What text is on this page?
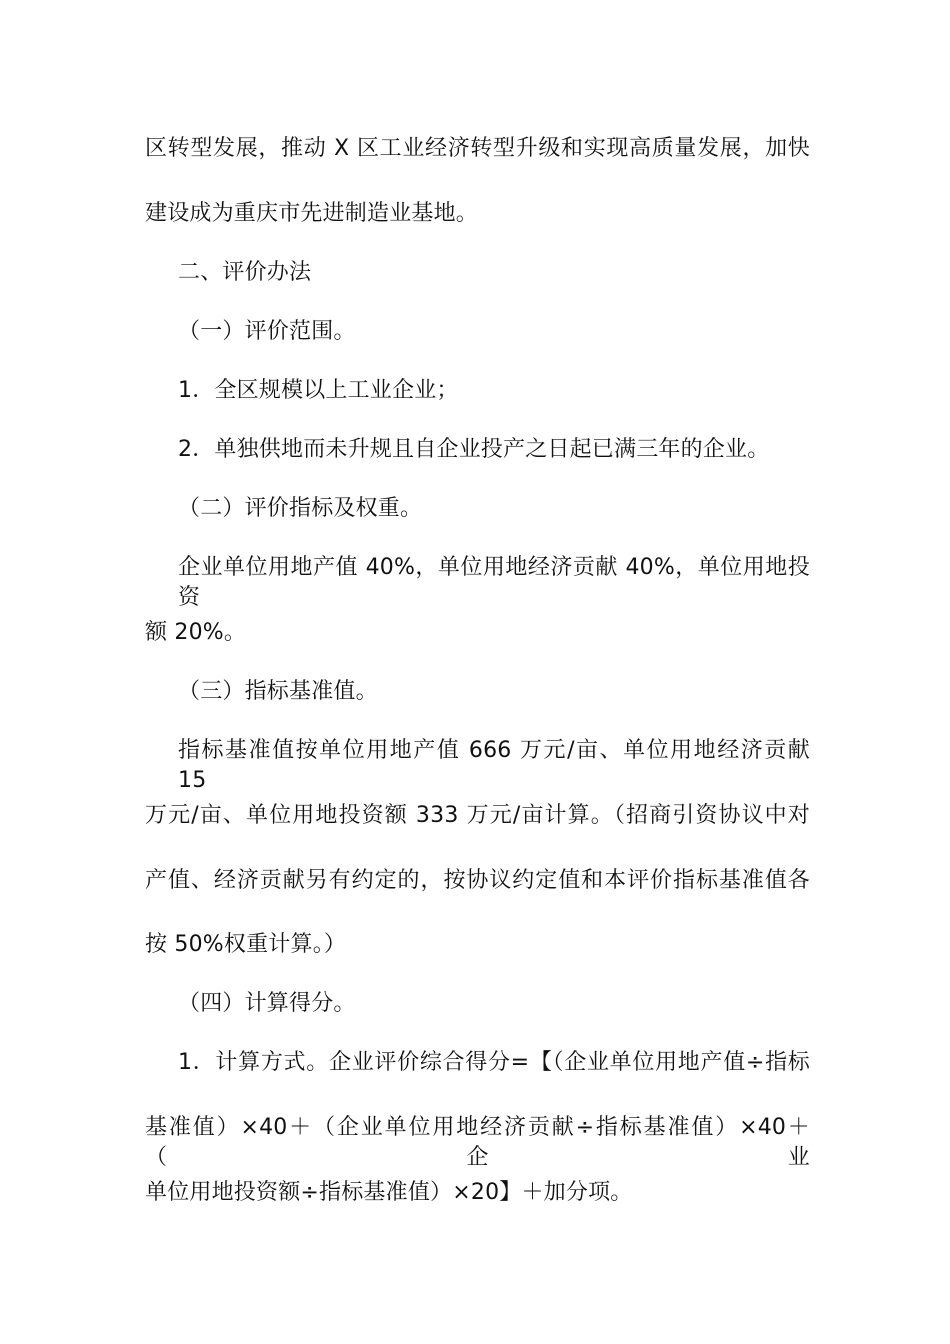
区转型发展，推动 X 区工业经济转型升级和实现高质量发展，加快
建设成为重庆市先进制造业基地。
二、评价办法
（一）评价范围。
1．全区规模以上工业企业；
2．单独供地而未升规且自企业投产之日起已满三年的企业。
（二）评价指标及权重。
企业单位用地产值 40%，单位用地经济贡献 40%，单位用地投资
额 20%。
（三）指标基准值。
指标基准值按单位用地产值 666 万元/亩、单位用地经济贡献 15
万元/亩、单位用地投资额 333 万元/亩计算。（招商引资协议中对
产值、经济贡献另有约定的，按协议约定值和本评价指标基准值各
按 50%权重计算。）
（四）计算得分。
1．计算方式。企业评价综合得分=【（企业单位用地产值÷指标
基准值）×40＋（企业单位用地经济贡献÷指标基准值）×40＋（企业
单位用地投资额÷指标基准值）×20】＋加分项。
